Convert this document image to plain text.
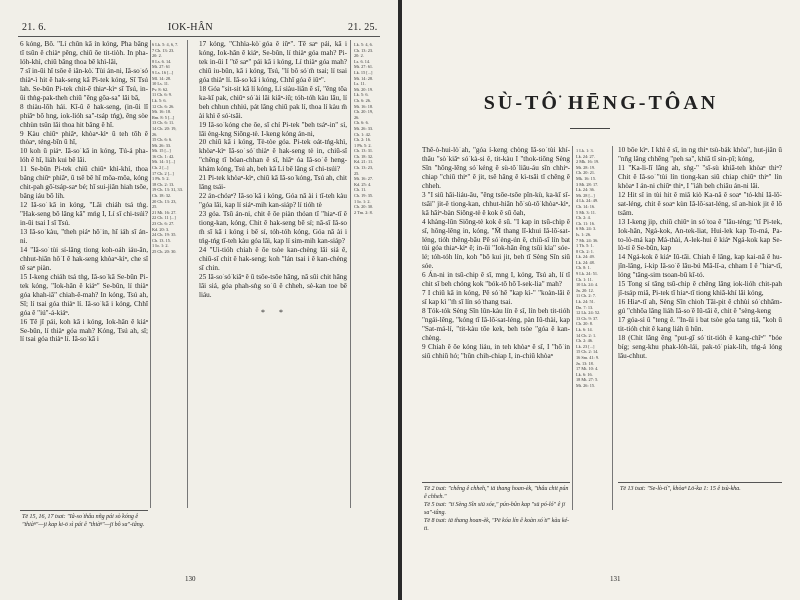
21. 6.	IOK-HÂN	21. 25.

6 kóng, Bô. "Lí chûn kā ín kóng, Pha bâng tī tsûn ê chiàⁿ pêng, chiū ōe tit-tiòh. In pha-lóh-khì, chiū bâng thoa bē khì-lâi,

7 sī in-ūi hî tsōe ê iân-kò͘. Tùi án-ni, Iâ-so͘ só͘ thiàⁿ-ì hit ê hak-seng kā Pi-tek kóng, Sī Tsú lah. Se-bûn Pi-tek chit-ē thiaⁿ-kìⁿ sī Tsú, in-ūi thǹg-pak-theh chiū "êng gōa-sa" lâi bā,

8 thiàu-lōh hái. Kî-û ê hak-seng, (in-ūi lî phiâⁿ bô hng, iok-lióh sa"-tsáp tńg), êng sòe chhùn tsûn lâi thoa hit bâng ê hî.

9 Kàu chiūⁿ phiâⁿ, khòaⁿ-kìⁿ ū teh tōh ê thòaⁿ, téng-bīn ū hî,

10 koh ū piáⁿ. Iâ-so͘ kā in kóng, Tú-á pha-lóh ê hî, liáh kui bē lâi.

11 Se-bûn Pi-tek chiū chiūⁿ khì-khí, thoa bâng chiūⁿ phiâⁿ, ū tsē bē hī môa-môa, kóng chit-pah gō͘-tsáp-saⁿ bé; hī sui-jiân hiah tsōe, bâng iáu bō lih.

12 Iâ-so͘ kā in kóng, "Lâi chiáh tsá tǹg. "Hak-seng bô lâng kā" mńg I, Lí sī chi-tsúi? in-ūi tsai I sī Tsú.

13 Iâ-so͘ kàu, "theh piáⁿ hō͘ in, hī iáh sī án-ni.

14 "Iâ-so͘ tùi sí-lâng tiong koh-oáh iáu-ān, chhut-hiān hō͘ I ê hak-seng khòaⁿ-kìⁿ, che sī tē saⁿ piàn.

15 I-keng chiáh tsá tǹg, Iâ-so͘ kā Se-bûn Pi-tek kóng, "Iok-hân ê kiáⁿ" Se-bûn, lí thiàⁿ góa khah-iā" chiah-ê-mah? In kóng, Tsú ah, Sī; lí tsai góa thiàⁿ lí. Iâ-so͘ kā i kóng, Chhī góa ê "iú"-á-kiáⁿ.

16 Tē jī pái, koh kā i kóng, Iok-hân ê kiáⁿ Se-bûn, lí thiàⁿ góa mah? Kóng, Tsú ah, sī; lí tsai góa thiàⁿ lí. Iâ-so͘ kā i

6 Lk. 5: 4, 6, 7.
7 Ch. 13: 23.
20: 2.
8 Ls. 6. 14.
Mt. 27: 61
9 Ls. 16 [...]
Ml. 14: 28.
10 Ls. 11.
Pv. 8: 62.
11 Ch. 6: 9.
Lk. 5: 6.
12 Ch. 6: 26.
Mt. 16: 18.
Rm. 8: 5 [...]
13 Ch. 6: 11.
14 Ch. 20: 19,
26.
15 Ch. 6: 6.
Mt. 26: 33.
Mt. 15 [...]
16 Ch. 1: 42.
Mt. 14: 3 [...]
Ch. 2 [...]
17 Ch. 2 [...]
1 Ph. 5: 2.
18 Ch. 2: 13.
19 Ch. 13: 31, 33.
Ch. 18: 32.
20 Ch. 13: 23,
25.
21 Mt. 16: 27.
22 Ch. 11 [...]
23 Ch. 6: 27.
Kd. 20: 3.
24 Ch. 19: 35.
Ch. 13. 15.
1 Io. 1: 2.
25 Ch. 20: 30.

17 kóng, "Chhìa-kò͘ góa ê iûⁿ". Tē saⁿ pái, kā i kóng, Iok-hân ê kiáⁿ, Se-bûn, lí thiàⁿ góa mah? Pi-tek in-ūi I "tē saⁿ" pái kā i kóng, Lí thiàⁿ góa mah? chiū iu-būn, kā i kóng, Tsú, "lí bô só͘ m̄ tsai; lí tsai góa thiàⁿ lí. Iâ-so͘ kā i kóng, Chhī góa ê iûⁿ".

18 Góa "sit-sit kā lí kóng, Lí siàu-liân ê sî, "êng tōa ka-kī pak, chiūⁿ só͘ ài lâi kiâⁿ-iû; tóh-tóh kàu lāu, lí beh chhun chhiú, pát lâng chiū pak lí, thoa lí kàu m̄ ài khì ê só͘-tsāi.

19 Iâ-so͘ kóng che ōe, sī chí Pi-tek "beh tsáⁿ-in" sí, lâi èng-kng Siōng-tè. I-keng kóng án-ni,

20 chiū kā i kóng, Tè-tòe góa. Pi-tek oát-tńg-khì, khòaⁿ-kìⁿ Iâ-so͘ só͘ thiàⁿ ê hak-seng tè in, chiū-sī "chêng tī bóan-chhan ê sî, hiâⁿ óa Iâ-so͘ ê heng-khám kóng, Tsú ah, beh kā Lí bē lâng sī chi-tsúi?

21 Pi-tek khòaⁿ-kìⁿ, chiū kā Iâ-so͘ kóng, Tsú ah, chit lâng tsái-

22 án-chóaⁿ? Iâ-so͘ kā i kóng, Góa nā ài i tī-teh kàu "góa lâi, kap lí siáⁿ-mih kan-siáp? lí tióh tè

23 góa. Tsū án-ni, chit ê ōe piàn thóan tī "hiaⁿ-tī ê tiong-kan, kóng, Chit ê hak-seng bē sí; nā-sī Iâ-so͘ m̄ sī kā i kóng i bē sí, tóh-tóh kóng, Góa nā ài i tńg-tńg tī-teh kàu góa lâi, kap lí sim-mih kan-siáp?

24 "Ui-tióh chiah ê ōe tsòe kan-chèng lâi siá ê, chiū-sī chit ê hak-seng; koh "lán tsai i ê kan-chèng sī chin.

25 Iâ-so͘ só͘ kiâⁿ ê ū tsōe-tsōe hāng, nā sûi chit hāng lâi siá, góa phah-sǹg so͘ ū ê chheh, sè-kan toe bē liáu.

Lk. 5: 4, 6.
Ch. 13: 23.
20: 2.
Ls. 6. 14.
Mt. 27: 61.
Lk. 15 [...]
Mt. 14: 28.
Ls. 11.
Mt. 20: 19.
Lk. 5: 6.
Ch. 6: 26.
Mt. 16: 18.
Ch. 20: 19,
26.
Ch. 6: 6.
Mt. 26: 33.
Ch. 1: 42.
Ch. 2: 16.
1 Ph. 5: 2.
Ch. 13: 31.
Ch. 18: 32.
Kd. 21: 11.
Ch. 13: 23,
25.
Mt. 16: 27.
Kd. 25: 4.
Ch. 11.
Ch. 19: 35.
1 Io. 1: 2.
Ch. 20: 30.
2 Tm. 2: 8.
* *
Tē 15, 16, 17 tsat: "Iâ-so͘ thâu nñg pái sò͘ kóng ê "thiàⁿ"—ji kap ki-ō sì pái ê "thiàⁿ"—jī bô sa"-tâng.
130
SÙ-TÔ͘ HĒNG-TÔAN

Thê-ò-hui-lò͘ ah, "góa í-keng chòng Iâ-so͘ tùi khí-thâu "sò͘ kiâⁿ só͘ kà-si ê, tit-kàu I "thok-tiōng Sèng Sîn "hōng-lêng só͘ kéng ê sù-tô͘ liâu-áu sīn chhiⁿ-chiap "chiū thiⁿ" ê jit, tsê hāng ê kì-tsāi tī chêng ê chheh.

3 "I siū hāi-liáu-āu, "ēng tsōe-tsōe pîn-kù, ka-kī sī-tsāi" jit-ê tiong-kan, chhut-hiān hō͘ sù-tô͘ khòaⁿ-kìⁿ, kā hāiⁿ-bàn Siōng-tè ê kok ê sū ôah,

4 khàng-lûn Siōng-tè kok ê sū. "I kap in tsū-chip ê sî, hông-lêng in, kóng, "M̄ thang lī-khui Iâ-lō͘-sat-léng, tióh thêng-bāu Pē só͘ èng-ún ê, chiū-sī lín bat tùi góa thiaⁿ-kìⁿ ê; in-ūi "Iok-hân êng tsûi kìa" sóe-lé; tóh-tóh lín, koh "bō kui jit, beh tī Sèng Sîn siū sóe.

6 Án-ni in tsū-chip ê sî, mng I, kóng, Tsú ah, lí tī chit sî beh chóng kok "bók-tō hō͘ I-sek-lia" mah?

7 I chiū kā in kóng, Pē só͘ hē "kap kì-" "koàn-lâi ê sî kap kì "m̄ sī lín só͘ thang tsai.

8 Tók-tók Sèng Sîn lûn-kàu lín ê sî, lín beh tit-tióh "ngái-lêng, "kóng tī Iâ-lō͘-sat-léng, pàn Iû-thài, kap "Sat-má-lí, "tit-kàu tōe kek, beh tsòe "góa ê kan-chèng.

9 Chiah ê ōe kóng liáu, in teh khòaⁿ ê sî, I "hō͘ in siū chhiū hó; "hûn chih-chiap I, in-chiū khòaⁿ

1 Lk. 1: 3.
Lk. 24: 27.
2 Mk. 16: 19.
Mt. 28: 19.
Ch. 20: 21.
Mk. 16: 15.
3 Mt. 28: 17.
Lk. 24: 36.
Mt. 28 [...]
4 Lk. 24: 49.
Ch. 14: 16.
5 Mt. 3: 11.
Ch. 2: 4.
Ch. 11: 16.
6 Mt. 24: 3.
Is. 1: 26.
7 Mt. 24: 36.
1 Th. 5: 1.
8 Ch. 2: 1.
Lk. 24: 49.
Lk. 24: 48.
Ch. 8: 1.
9 Lk. 24: 51.
Ch. 1: 11.
10 Lk. 24: 4.
Jn. 20: 12.
11 Ch. 2: 7.
Lk. 24: 51.
Dn. 7: 13.
12 Lk. 24: 52.
13 Ch. 9: 37.
Ch. 20: 8.
Lk. 6: 14.
14 Ch. 2: 1.
Ch. 2: 46.
Lk. 23 [...]
15 Ch. 2: 14.
16 Sm. 41: 9.
Jn. 13: 18.
17 Mt. 10: 4.
Lk. 6: 16.
18 Mt. 27: 5.
Mt. 26: 15.

10 bōe kìⁿ. I khì ê sî, in ng thiⁿ tsù-bák khòa", hut-jiân ū "nñg lâng chhēng "peh sa", khiā tī sin-pī; kóng,

11 "Ka-li-lī lâng ah, sǹg-" "sī-sù khiā-teh khòaⁿ thiⁿ? Chit ê Iâ-so͘ "tùi lín tiong-kan siū chiap chiūⁿ thiⁿ" lín khòaⁿ I án-ni chiūⁿ thiⁿ, I "iáh beh chiâu án-ni lâi.

12 Hit sî in tùi hit ê miâ kiò Ka-nâ ê soaⁿ "tó-khì Iâ-lō͘-sat-léng, chit ê soaⁿ kùn Iâ-lō͘-sat-léng, sī an-hiok jit ê lō͘ tsâm.

13 I-keng jip, chiū chiūⁿ in só͘ toa ê "lāu-téng; "tī Pi-tek, Iok-hân, Ngá-kok, An-tek-liat, Hui-lek kap To-má, Pa-to-lò-má kap Má-thài, A-lek-hui ê kiáⁿ Ngá-kok kap Se-lò-tí ê Se-bûn, kap

14 Ngá-kok ê kiáⁿ Iû-tāi. Chiah ê lâng, kap kai-nâ ê hu-jîn-lâng, í-kip Iâ-so͘ ê lāu-bú Mā-lī-a, chham I ê "hiaⁿ-tī, lóng "tâng-sim tsoan-bū kî-tó.

15 Tong sí tāng tsū-chip ê chêng lâng iok-lióh chit-pah jī-tsáp miâ, Pi-tek tī hiaⁿ-tī tiong khiā-khí lâi kóng,

16 Hiaⁿ-tī ah, Sèng Sîn chioh Tāi-pit ê chhùi só͘ chhâm-gú "chhōa lâng liáh Iâ-so͘ ê Iû-tāi ê, chit ê "sèng-keng

17 góa-sì ū "teng ê. "In-ūi i bat tsòe góa tang tiâ, "koh ū tit-tióh chit ê kang liáh ū hūn.

18 (Chit lâng ēng "put-gī só͘ tit-tióh ê kang-chîⁿ" "bóe bíg; seng-khu phak-lóh-lái, pak-tó͘ piak-lih, tńg-á lóng lāu-chhut.

Tē 2 tsat: "chêng ê chheh," iā thang hoan-èk, "thâu chit pún ê chheh."
Tē 5 tsat: "tī Sèng Sîn siū sóe," pún-bûn kap "sū pó-ló" ê jī sa"-tâng.
Tē 8 tsat: iā thang hoan-èk, "Pē kóa lín ê koàn só͘ ti" kàu ké-ti.
Tē 13 tsat: "Se-lò-tí", khòaⁿ Lō͘-ka 1: 15 ê tsù-kha.
131
